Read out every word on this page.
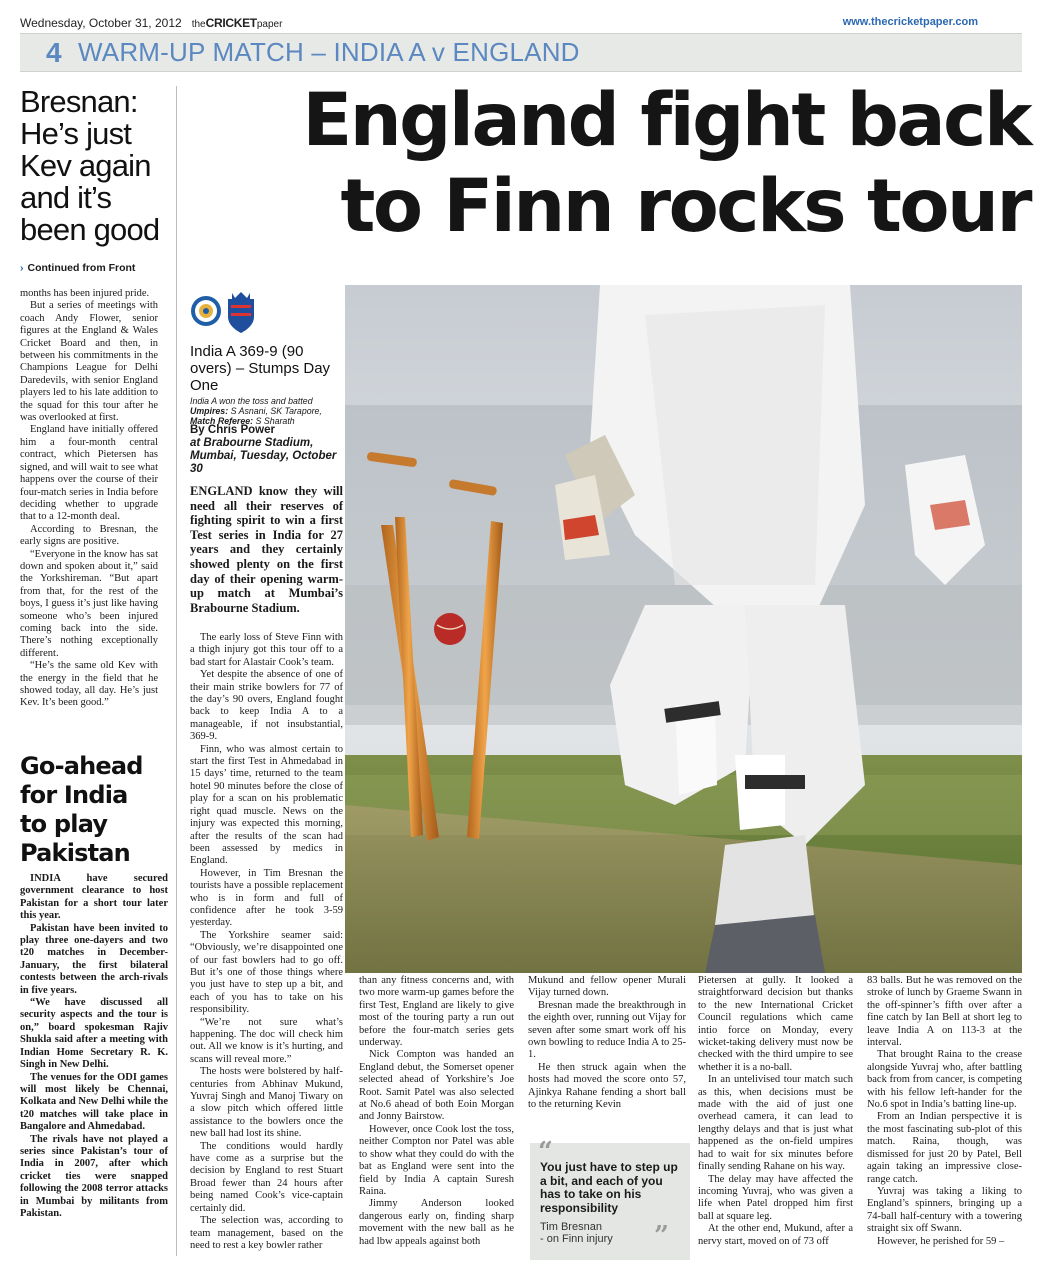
Wednesday, October 31, 2012 theCRICKETpaper	www.thecricketpaper.com
4 WARM-UP MATCH – INDIA A v ENGLAND
Bresnan:
He’s just
Kev again
and it’s
been good
England fight back
to Finn rocks tour
› Continued from Front

months has been injured pride.

But a series of meetings with coach Andy Flower, senior figures at the England & Wales Cricket Board and then, in between his commitments in the Champions League for Delhi Daredevils, with senior England players led to his late addition to the squad for this tour after he was overlooked at first.

England have initially offered him a four-month central contract, which Pietersen has signed, and will wait to see what happens over the course of their four-match series in India before deciding whether to upgrade that to a 12-month deal.

According to Bresnan, the early signs are positive.

“Everyone in the know has sat down and spoken about it,” said the Yorkshireman. “But apart from that, for the rest of the boys, I guess it’s just like having someone who’s been injured coming back into the side. There’s nothing exceptionally different.

“He’s the same old Kev with the energy in the field that he showed today, all day. He’s just Kev. It’s been good.”

Go-ahead
for India
to play
Pakistan

INDIA have secured government clearance to host Pakistan for a short tour later this year.

Pakistan have been invited to play three one-dayers and two t20 matches in December-January, the first bilateral contests between the arch-rivals in five years.

“We have discussed all security aspects and the tour is on,” board spokesman Rajiv Shukla said after a meeting with Indian Home Secretary R. K. Singh in New Delhi.

The venues for the ODI games will most likely be Chennai, Kolkata and New Delhi while the t20 matches will take place in Bangalore and Ahmedabad.

The rivals have not played a series since Pakistan’s tour of India in 2007, after which cricket ties were snapped following the 2008 terror attacks in Mumbai by militants from Pakistan.

India A 369-9 (90 overs) – Stumps Day One
India A won the toss and batted
Umpires: S Asnani, SK Tarapore,
Match Referee: S Sharath
By Chris Power
at Brabourne Stadium, Mumbai, Tuesday, October 30
ENGLAND know they will need all their reserves of fighting spirit to win a first Test series in India for 27 years and they certainly showed plenty on the first day of their opening warm-up match at Mumbai’s Brabourne Stadium.

The early loss of Steve Finn with a thigh injury got this tour off to a bad start for Alastair Cook’s team.

Yet despite the absence of one of their main strike bowlers for 77 of the day’s 90 overs, England fought back to keep India A to a manageable, if not insubstantial, 369-9.

Finn, who was almost certain to start the first Test in Ahmedabad in 15 days’ time, returned to the team hotel 90 minutes before the close of play for a scan on his problematic right quad muscle. News on the injury was expected this morning, after the results of the scan had been assessed by medics in England.

However, in Tim Bresnan the tourists have a possible replacement who is in form and full of confidence after he took 3-59 yesterday.

The Yorkshire seamer said: “Obviously, we’re disappointed one of our fast bowlers had to go off. But it’s one of those things where you just have to step up a bit, and each of you has to take on his responsibility.

“We’re not sure what’s happening. The doc will check him out. All we know is it’s hurting, and scans will reveal more.”

The hosts were bolstered by half-centuries from Abhinav Mukund, Yuvraj Singh and Manoj Tiwary on a slow pitch which offered little assistance to the bowlers once the new ball had lost its shine.

The conditions would hardly have come as a surprise but the decision by England to rest Stuart Broad fewer than 24 hours after being named Cook’s vice-captain certainly did.

The selection was, according to team management, based on the need to rest a key bowler rather

than any fitness concerns and, with two more warm-up games before the first Test, England are likely to give most of the touring party a run out before the four-match series gets underway.

Nick Compton was handed an England debut, the Somerset opener selected ahead of Yorkshire’s Joe Root. Samit Patel was also selected at No.6 ahead of both Eoin Morgan and Jonny Bairstow.

However, once Cook lost the toss, neither Compton nor Patel was able to show what they could do with the bat as England were sent into the field by India A captain Suresh Raina.

Jimmy Anderson looked dangerous early on, finding sharp movement with the new ball as he had lbw appeals against both

Mukund and fellow opener Murali Vijay turned down.

Bresnan made the breakthrough in the eighth over, running out Vijay for seven after some smart work off his own bowling to reduce India A to 25-1.

He then struck again when the hosts had moved the score onto 57, Ajinkya Rahane fending a short ball to the returning Kevin

“
You just have to step up a bit, and each of you has to take on his responsibility
Tim Bresnan
- on Finn injury	”

Pietersen at gully. It looked a straightforward decision but thanks to the new International Cricket Council regulations which came intio force on Monday, every wicket-taking delivery must now be checked with the third umpire to see whether it is a no-ball.

In an untelivised tour match such as this, when decisions must be made with the aid of just one overhead camera, it can lead to lengthy delays and that is just what happened as the on-field umpires had to wait for six minutes before finally sending Rahane on his way.

The delay may have affected the incoming Yuvraj, who was given a life when Patel dropped him first ball at square leg.

At the other end, Mukund, after a nervy start, moved on of 73 off

83 balls. But he was removed on the stroke of lunch by Graeme Swann in the off-spinner’s fifth over after a fine catch by Ian Bell at short leg to leave India A on 113-3 at the interval.

That brought Raina to the crease alongside Yuvraj who, after battling back from from cancer, is competing with his fellow left-hander for the No.6 spot in India’s batting line-up.

From an Indian perspective it is the most fascinating sub-plot of this match. Raina, though, was dismissed for just 20 by Patel, Bell again taking an impressive close-range catch.

Yuvraj was taking a liking to England’s spinners, bringing up a 74-ball half-century with a towering straight six off Swann.

However, he perished for 59 –
